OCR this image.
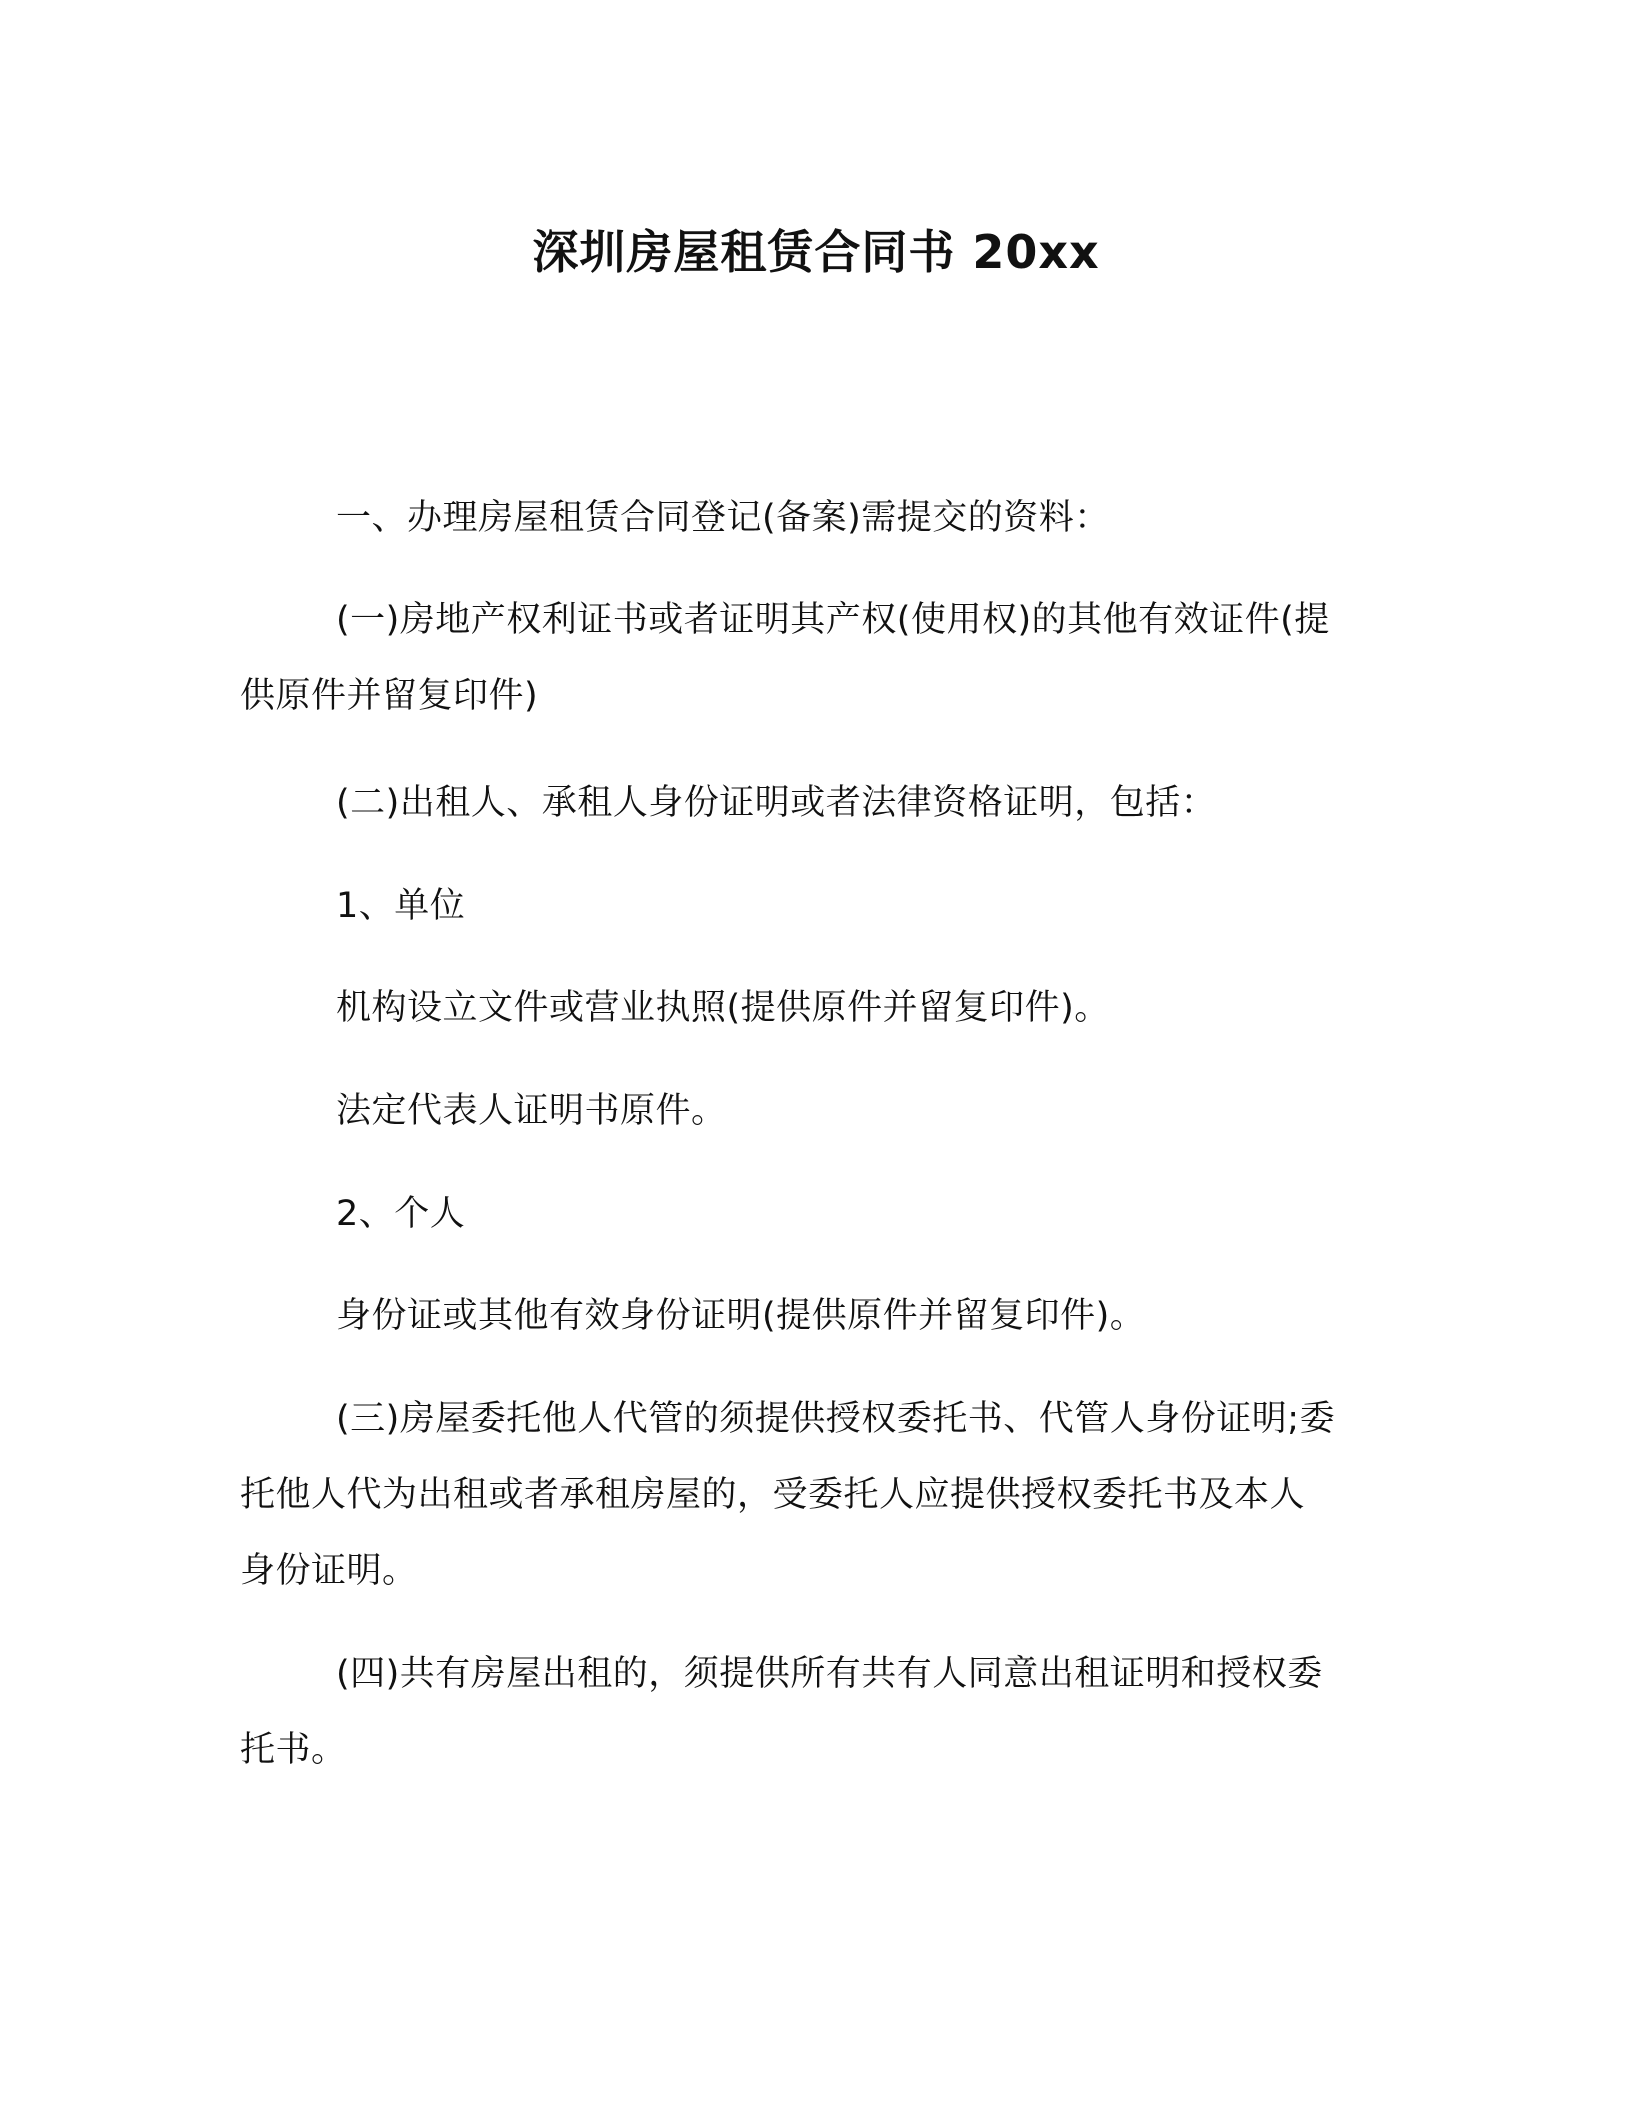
深圳房屋租赁合同书 20xx
一、办理房屋租赁合同登记(备案)需提交的资料：
(一)房地产权利证书或者证明其产权(使用权)的其他有效证件(提
供原件并留复印件)
(二)出租人、承租人身份证明或者法律资格证明，包括：
1、单位
机构设立文件或营业执照(提供原件并留复印件)。
法定代表人证明书原件。
2、个人
身份证或其他有效身份证明(提供原件并留复印件)。
(三)房屋委托他人代管的须提供授权委托书、代管人身份证明;委
托他人代为出租或者承租房屋的，受委托人应提供授权委托书及本人
身份证明。
(四)共有房屋出租的，须提供所有共有人同意出租证明和授权委
托书。
